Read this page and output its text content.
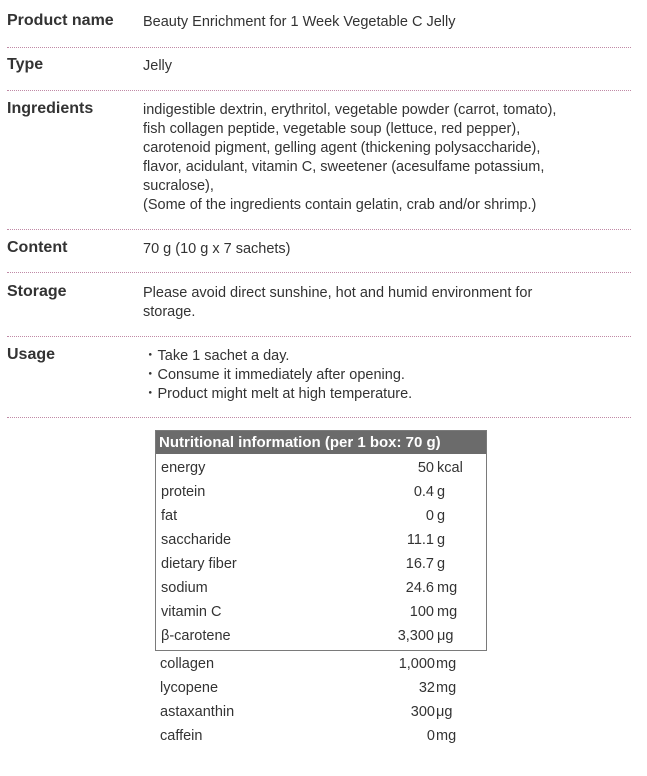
Product name Beauty Enrichment for 1 Week Vegetable C Jelly
Type	Jelly
Ingredients	indigestible dextrin, erythritol, vegetable powder (carrot, tomato),
fish collagen peptide, vegetable soup (lettuce, red pepper),
carotenoid pigment, gelling agent (thickening polysaccharide),
flavor, acidulant, vitamin C, sweetener (acesulfame potassium,
sucralose),
(Some of the ingredients contain gelatin, crab and/or shrimp.)
Content	70 g (10 g x 7 sachets)
Storage	Please avoid direct sunshine, hot and humid environment for
storage.
Usage	・Take 1 sachet a day.
・Consume it immediately after opening.
・Product might melt at high temperature.
Nutritional information (per 1 box: 70 g)
energy	50 kcal
protein	0.4 g
fat	0 g
saccharide	11.1 g
dietary fiber	16.7 g
sodium	24.6 mg
vitamin C	100 mg
β-carotene	3,300 μg
collagen	1,000 mg
lycopene	32 mg
astaxanthin	300 μg
caffein	0 mg
